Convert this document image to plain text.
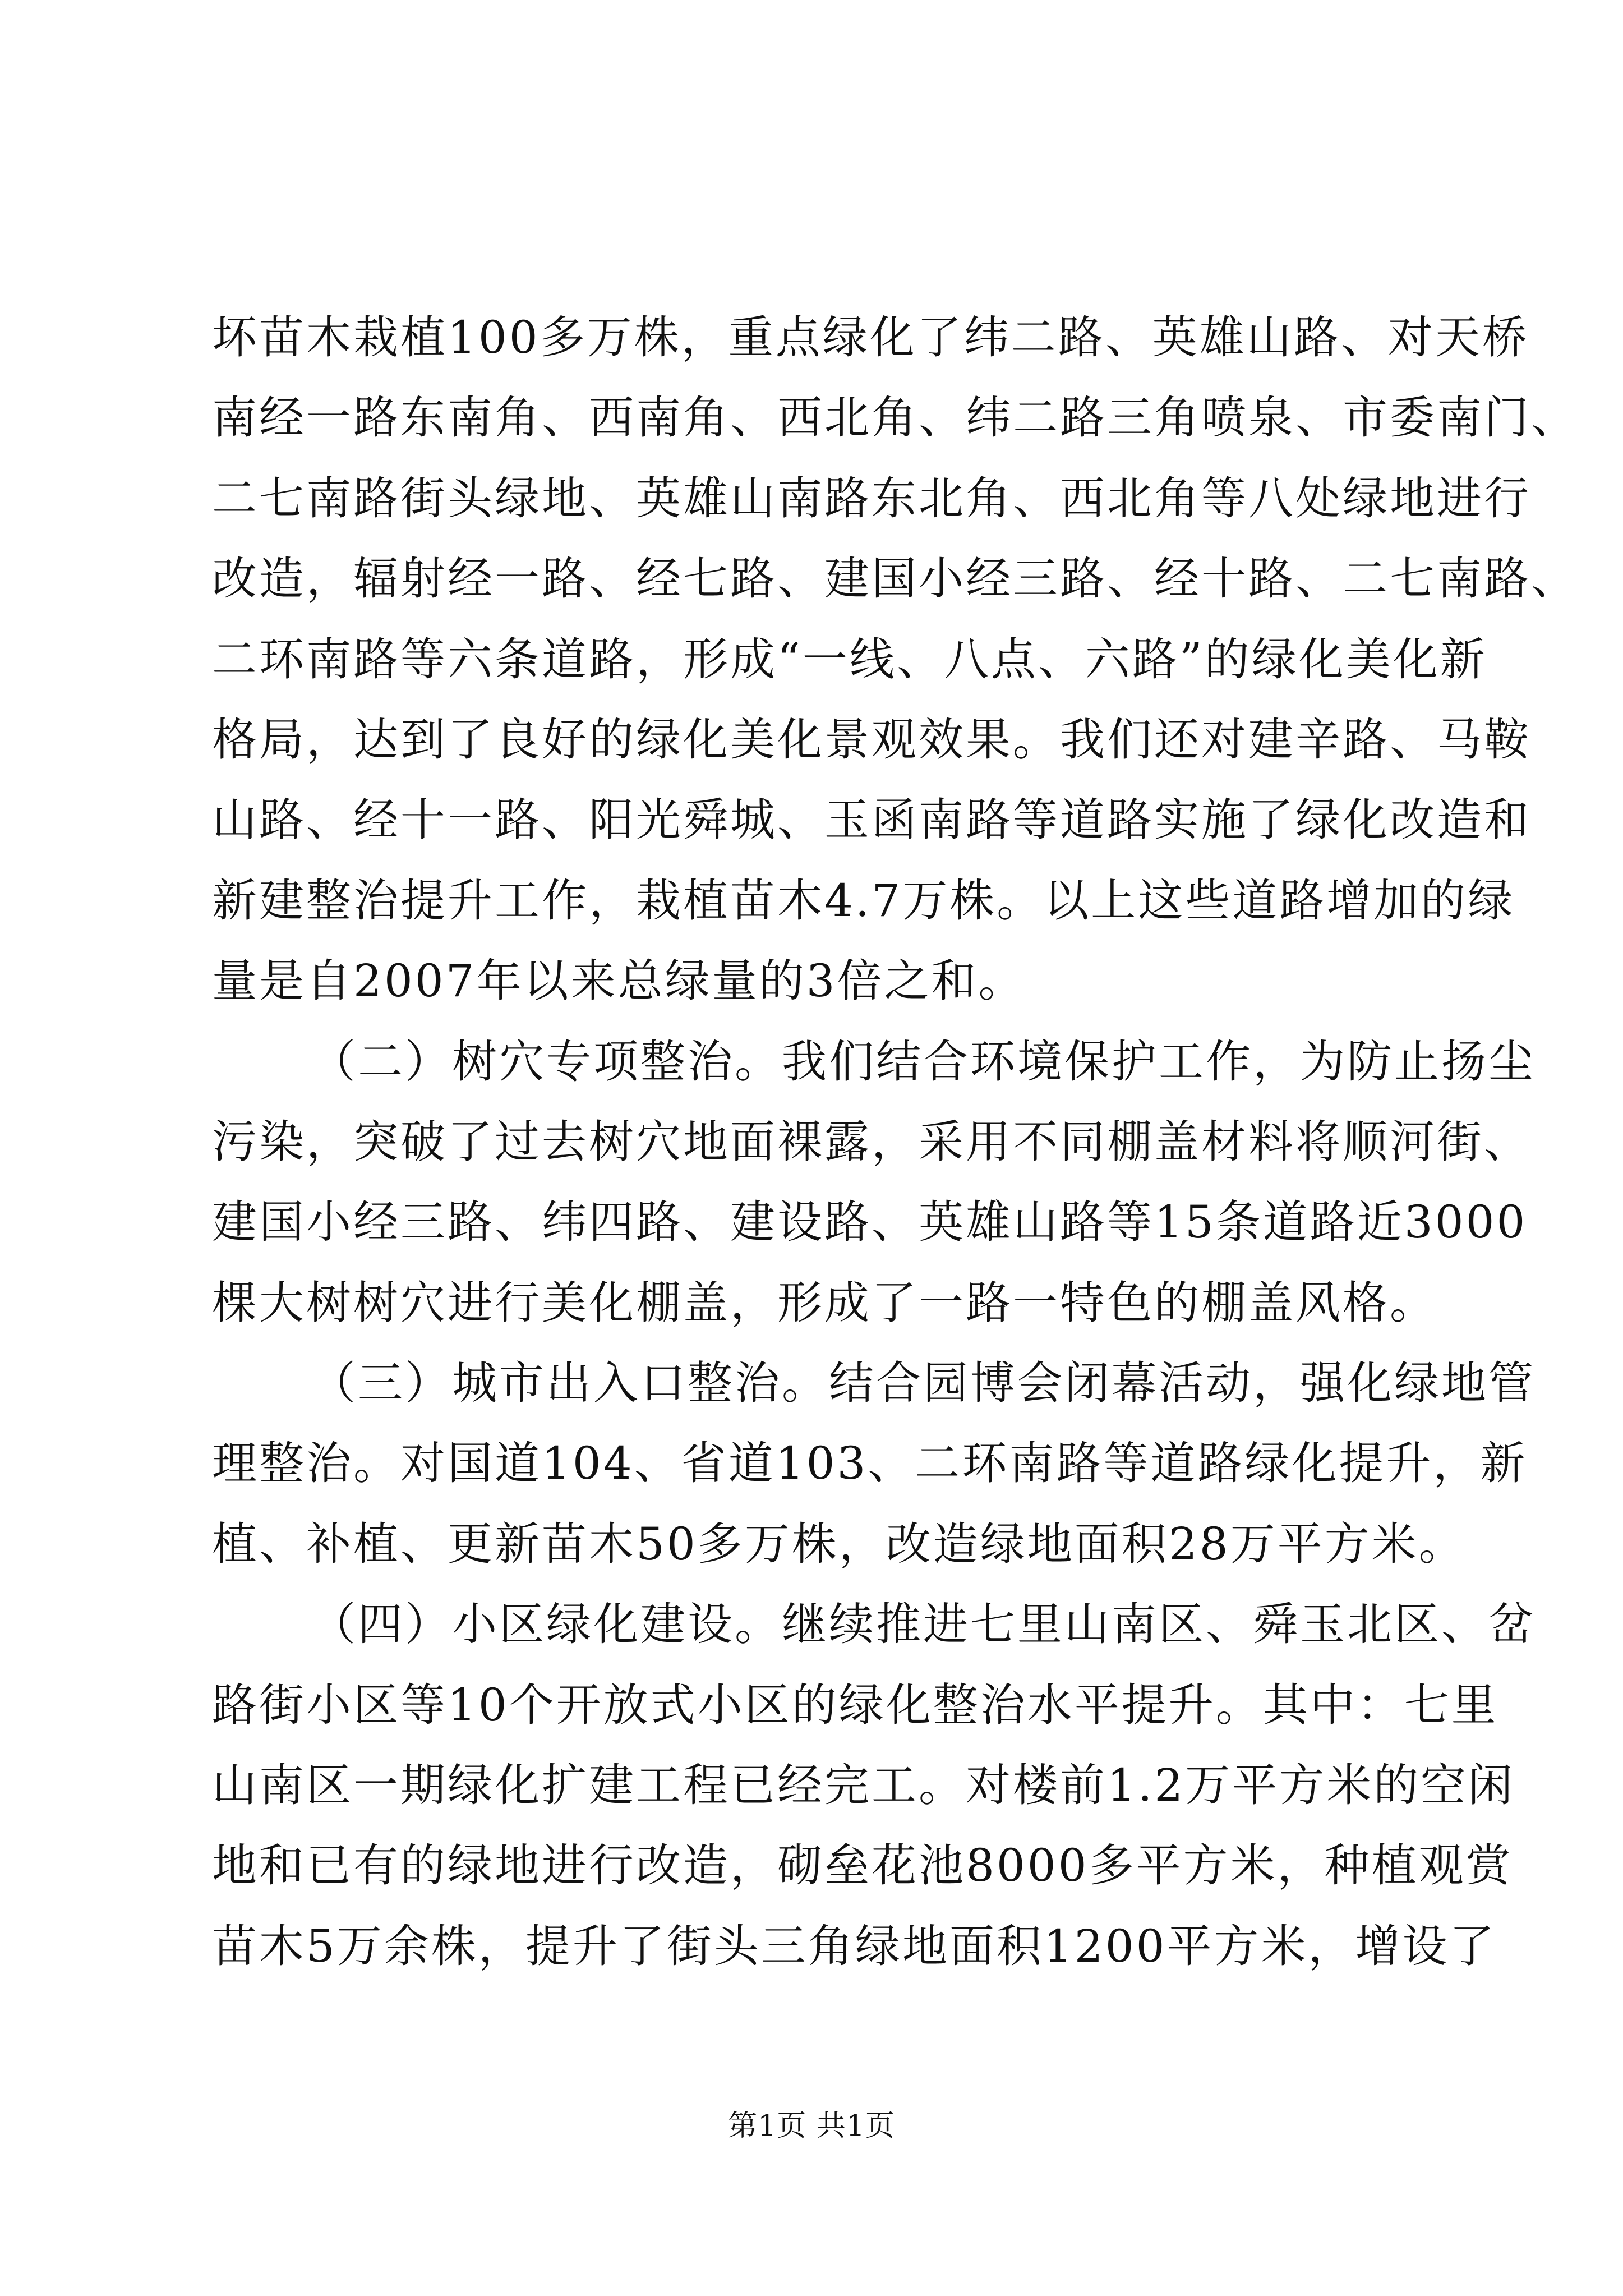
坏苗木栽植100多万株，重点绿化了纬二路、英雄山路、对天桥
南经一路东南角、西南角、西北角、纬二路三角喷泉、市委南门、
二七南路街头绿地、英雄山南路东北角、西北角等八处绿地进行
改造，辐射经一路、经七路、建国小经三路、经十路、二七南路、
二环南路等六条道路，形成“一线、八点、六路”的绿化美化新
格局，达到了良好的绿化美化景观效果。我们还对建辛路、马鞍
山路、经十一路、阳光舜城、玉函南路等道路实施了绿化改造和
新建整治提升工作，栽植苗木4.7万株。以上这些道路增加的绿
量是自2007年以来总绿量的3倍之和。
（二）树穴专项整治。我们结合环境保护工作，为防止扬尘
污染，突破了过去树穴地面裸露，采用不同棚盖材料将顺河街、
建国小经三路、纬四路、建设路、英雄山路等15条道路近3000
棵大树树穴进行美化棚盖，形成了一路一特色的棚盖风格。
（三）城市出入口整治。结合园博会闭幕活动，强化绿地管
理整治。对国道104、省道103、二环南路等道路绿化提升，新
植、补植、更新苗木50多万株，改造绿地面积28万平方米。
（四）小区绿化建设。继续推进七里山南区、舜玉北区、岔
路街小区等10个开放式小区的绿化整治水平提升。其中：七里
山南区一期绿化扩建工程已经完工。对楼前1.2万平方米的空闲
地和已有的绿地进行改造，砌垒花池8000多平方米，种植观赏
苗木5万余株，提升了街头三角绿地面积1200平方米，增设了
第1页 共1页
